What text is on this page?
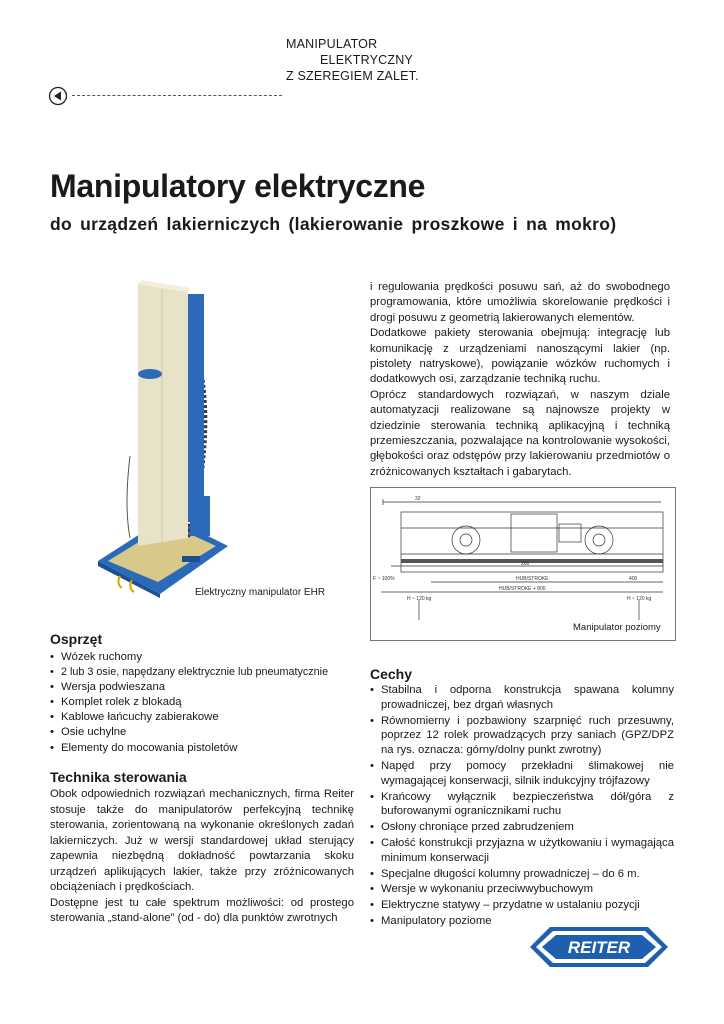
MANIPULATOR
ELEKTRYCZNY
Z SZEREGIEM ZALET.
Manipulatory elektryczne
do urządzeń lakierniczych (lakierowanie proszkowe i na mokro)
Elektryczny manipulator EHR

i regulowania prędkości posuwu sań, aż do swobodnego programowania, które umożliwia skorelowanie prędkości i drogi posuwu z geometrią lakierowanych elementów.

Dodatkowe pakiety sterowania obejmują: integrację lub komunikację z urządzeniami nanoszącymi lakier (np. pistolety natryskowe), powiązanie wózków ruchomych i dodatkowych osi, zarządzanie techniką ruchu.

Oprócz standardowych rozwiązań, w naszym dziale automatyzacji realizowane są najnowsze projekty w dziedzinie sterowania techniką aplikacyjną i techniką przemieszczania, pozwalające na kontrolowanie wysokości, głębokości oraz odstępów przy lakierowaniu przedmiotów o zróżnicowanych kształtach i gabarytach.

32
F ~ 100%	HUB/STROKE
HUB/STROKE + 800
400
200
H ~ 120 kg	H ~ 120 kg
Manipulator poziomy
Osprzęt
• Wózek ruchomy
• 2 lub 3 osie, napędzany elektrycznie lub pneumatycznie
• Wersja podwieszana
• Komplet rolek z blokadą
• Kablowe łańcuchy zabierakowe
• Osie uchylne
• Elementy do mocowania pistoletów
Technika sterowania

Obok odpowiednich rozwiązań mechanicznych, firma Reiter stosuje także do manipulatorów perfekcyjną technikę sterowania, zorientowaną na wykonanie określonych zadań lakierniczych. Już w wersji standardowej układ sterujący zapewnia niezbędną dokładność powtarzania skoku urządzeń aplikujących lakier, także przy zróżnicowanych obciążeniach i prędkościach.

Dostępne jest tu całe spektrum możliwości: od prostego sterowania „stand-alone” (od - do) dla punktów zwrotnych

Cechy
• Stabilna i odporna konstrukcja spawana kolumny prowadniczej, bez drgań własnych
• Równomierny i pozbawiony szarpnięć ruch przesuwny, poprzez 12 rolek prowadzących przy saniach (GPZ/DPZ na rys. oznacza: górny/dolny punkt zwrotny)
• Napęd przy pomocy przekładni ślimakowej nie wymagającej konserwacji, silnik indukcyjny trójfazowy
• Krańcowy wyłącznik bezpieczeństwa dół/góra z buforowanymi ogranicznikami ruchu
• Osłony chroniące przed zabrudzeniem
• Całość konstrukcji przyjazna w użytkowaniu i wymagająca minimum konserwacji
• Specjalne długości kolumny prowadniczej – do 6 m.
• Wersje w wykonaniu przeciwwybuchowym
• Elektryczne statywy – przydatne w ustalaniu pozycji
• Manipulatory poziome
REITER
